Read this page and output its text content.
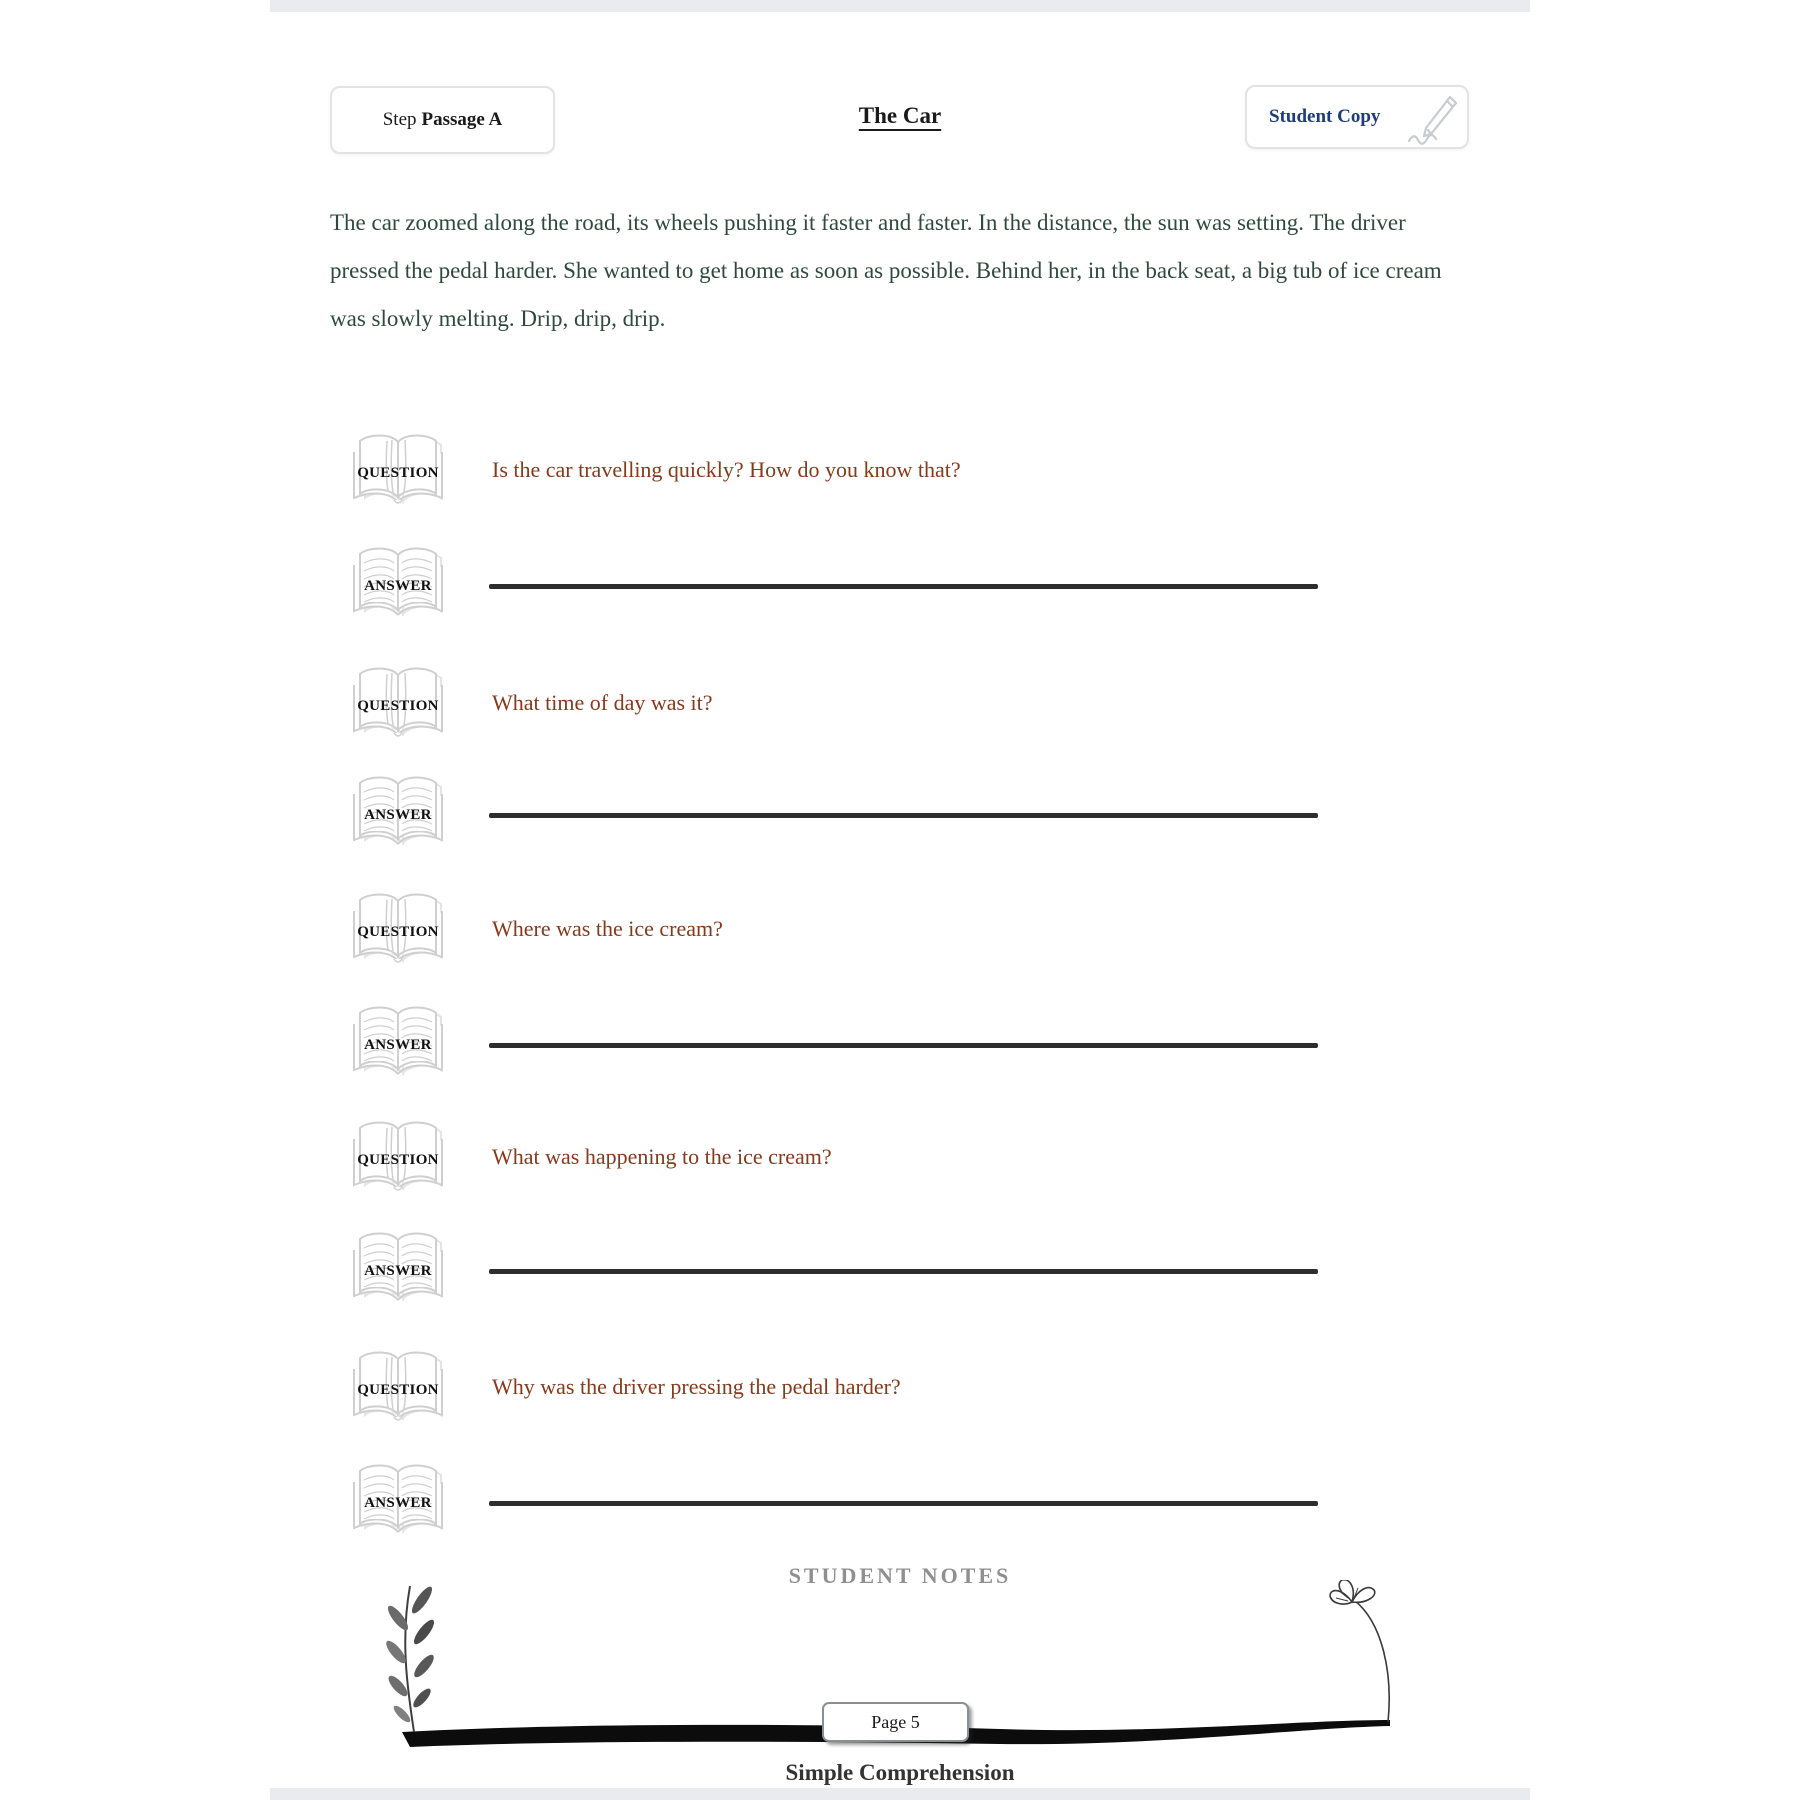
Step Passage A	The Car	Student Copy

The car zoomed along the road, its wheels pushing it faster and faster. In the distance, the sun was setting. The driver pressed the pedal harder. She wanted to get home as soon as possible. Behind her, in the back seat, a big tub of ice cream was slowly melting. Drip, drip, drip.

QUESTION Is the car travelling quickly? How do you know that?
ANSWER
QUESTION What time of day was it?
ANSWER
QUESTION Where was the ice cream?
ANSWER
QUESTION What was happening to the ice cream?
ANSWER
QUESTION Why was the driver pressing the pedal harder?
ANSWER
STUDENT NOTES
Page 5
Simple Comprehension
